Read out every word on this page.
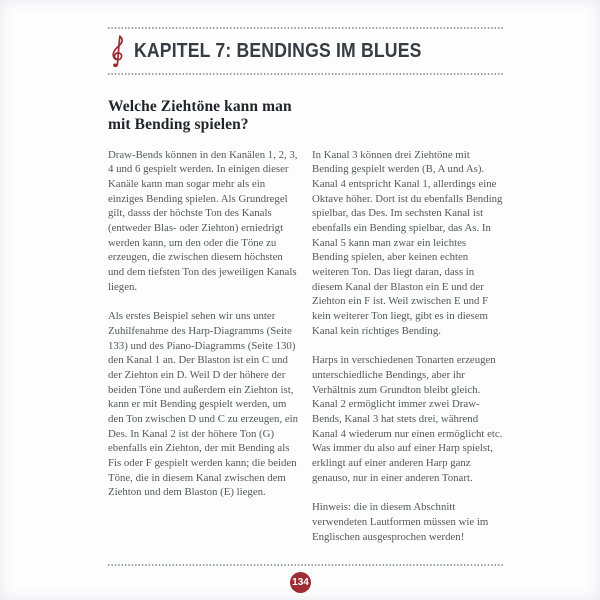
KAPITEL 7: BENDINGS IM BLUES
Welche Ziehtöne kann man
mit Bending spielen?

Draw-Bends können in den Kanälen 1, 2, 3, 4 und 6 gespielt werden. In einigen dieser Kanäle kann man sogar mehr als ein einziges Bending spielen. Als Grundregel gilt, dasss der höchste Ton des Kanals (entweder Blas- oder Ziehton) erniedrigt werden kann, um den oder die Töne zu erzeugen, die zwischen diesem höchsten und dem tiefsten Ton des jeweiligen Kanals liegen.

Als erstes Beispiel sehen wir uns unter Zuhilfenahme des Harp-Diagramms (Seite 133) und des Piano-Diagramms (Seite 130) den Kanal 1 an. Der Blaston ist ein C und der Ziehton ein D. Weil D der höhere der beiden Töne und außerdem ein Ziehton ist, kann er mit Bending gespielt werden, um den Ton zwischen D und C zu erzeugen, ein Des. In Kanal 2 ist der höhere Ton (G) ebenfalls ein Ziehton, der mit Bending als Fis oder F gespielt werden kann; die beiden Töne, die in diesem Kanal zwischen dem Ziehton und dem Blaston (E) liegen.

In Kanal 3 können drei Ziehtöne mit Bending gespielt werden (B, A und As). Kanal 4 entspricht Kanal 1, allerdings eine Oktave höher. Dort ist du ebenfalls Bending spielbar, das Des. Im sechsten Kanal ist ebenfalls ein Bending spielbar, das As. In Kanal 5 kann man zwar ein leichtes Bending spielen, aber keinen echten weiteren Ton. Das liegt daran, dass in diesem Kanal der Blaston ein E und der Ziehton ein F ist. Weil zwischen E und F kein weiterer Ton liegt, gibt es in diesem Kanal kein richtiges Bending.

Harps in verschiedenen Tonarten erzeugen unterschiedliche Bendings, aber ihr Verhältnis zum Grundton bleibt gleich. Kanal 2 ermöglicht immer zwei Draw-Bends, Kanal 3 hat stets drei, während Kanal 4 wiederum nur einen ermöglicht etc. Was immer du also auf einer Harp spielst, erklingt auf einer anderen Harp ganz genauso, nur in einer anderen Tonart.

Hinweis: die in diesem Abschnitt verwendeten Lautformen müssen wie im Englischen ausgesprochen werden!

134
